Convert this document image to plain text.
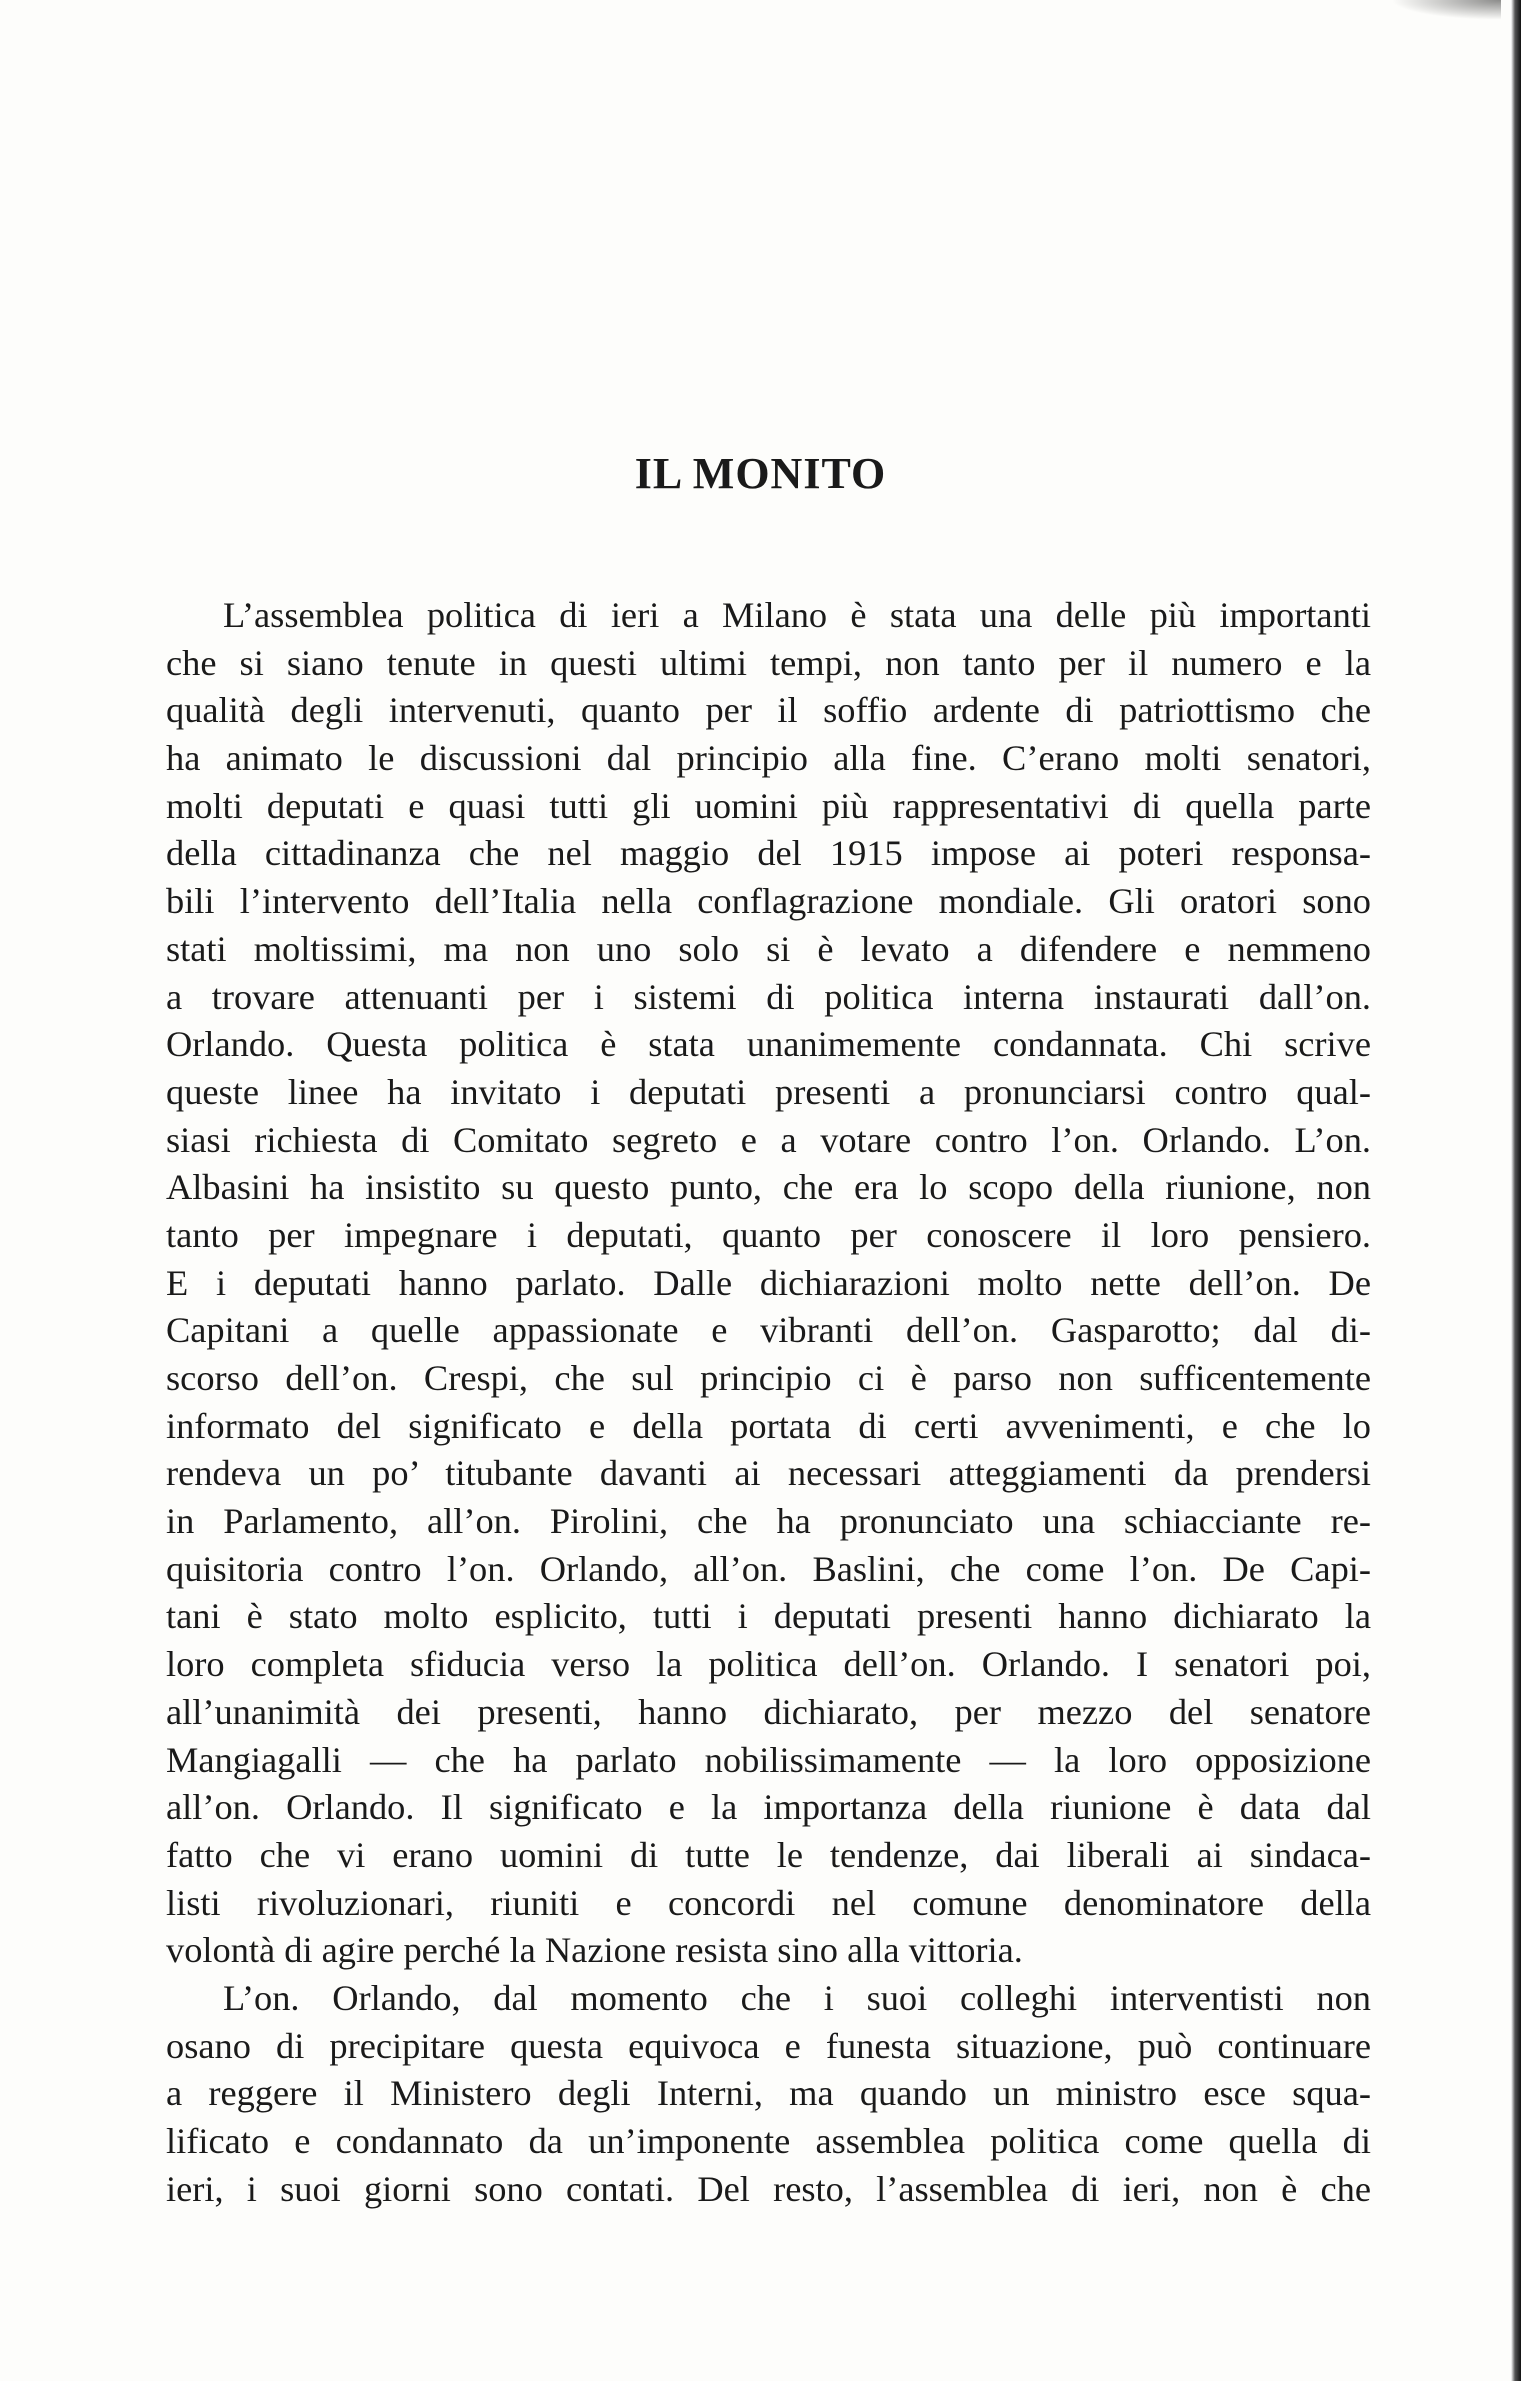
IL MONITO
L’assemblea politica di ieri a Milano è stata una delle più importanti
che si siano tenute in questi ultimi tempi, non tanto per il numero e la
qualità degli intervenuti, quanto per il soffio ardente di patriottismo che
ha animato le discussioni dal principio alla fine. C’erano molti senatori,
molti deputati e quasi tutti gli uomini più rappresentativi di quella parte
della cittadinanza che nel maggio del 1915 impose ai poteri responsa-
bili l’intervento dell’Italia nella conflagrazione mondiale. Gli oratori sono
stati moltissimi, ma non uno solo si è levato a difendere e nemmeno
a trovare attenuanti per i sistemi di politica interna instaurati dall’on.
Orlando. Questa politica è stata unanimemente condannata. Chi scrive
queste linee ha invitato i deputati presenti a pronunciarsi contro qual-
siasi richiesta di Comitato segreto e a votare contro l’on. Orlando. L’on.
Albasini ha insistito su questo punto, che era lo scopo della riunione, non
tanto per impegnare i deputati, quanto per conoscere il loro pensiero.
E i deputati hanno parlato. Dalle dichiarazioni molto nette dell’on. De
Capitani a quelle appassionate e vibranti dell’on. Gasparotto; dal di-
scorso dell’on. Crespi, che sul principio ci è parso non sufficentemente
informato del significato e della portata di certi avvenimenti, e che lo
rendeva un po’ titubante davanti ai necessari atteggiamenti da prendersi
in Parlamento, all’on. Pirolini, che ha pronunciato una schiacciante re-
quisitoria contro l’on. Orlando, all’on. Baslini, che come l’on. De Capi-
tani è stato molto esplicito, tutti i deputati presenti hanno dichiarato la
loro completa sfiducia verso la politica dell’on. Orlando. I senatori poi,
all’unanimità dei presenti, hanno dichiarato, per mezzo del senatore
Mangiagalli — che ha parlato nobilissimamente — la loro opposizione
all’on. Orlando. Il significato e la importanza della riunione è data dal
fatto che vi erano uomini di tutte le tendenze, dai liberali ai sindaca-
listi rivoluzionari, riuniti e concordi nel comune denominatore della
volontà di agire perché la Nazione resista sino alla vittoria.
L’on. Orlando, dal momento che i suoi colleghi interventisti non
osano di precipitare questa equivoca e funesta situazione, può continuare
a reggere il Ministero degli Interni, ma quando un ministro esce squa-
lificato e condannato da un’imponente assemblea politica come quella di
ieri, i suoi giorni sono contati. Del resto, l’assemblea di ieri, non è che
